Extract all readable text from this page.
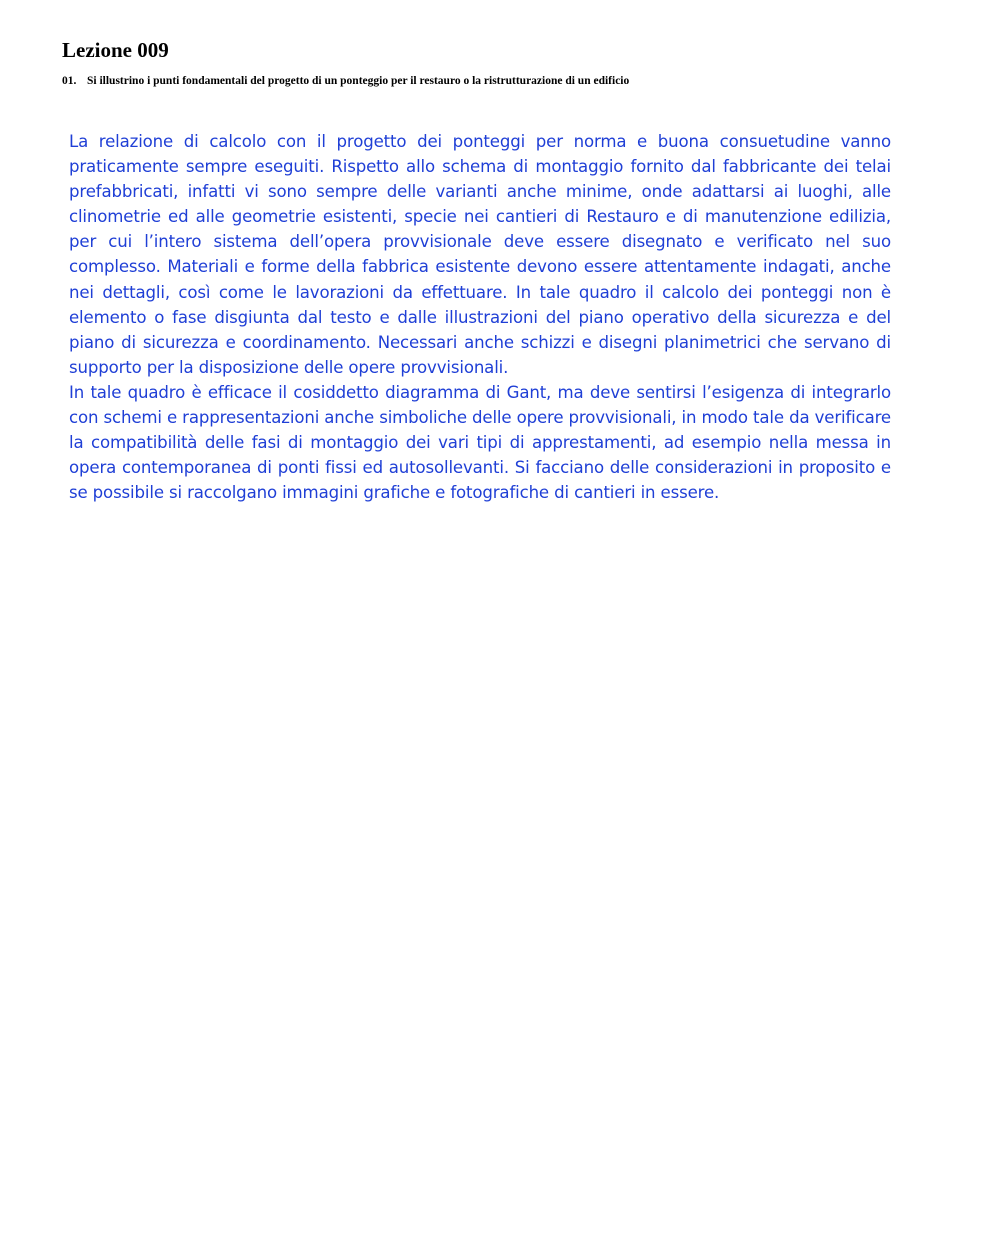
Lezione 009

01. Si illustrino i punti fondamentali del progetto di un ponteggio per il restauro o la ristrutturazione di un edificio

La relazione di calcolo con il progetto dei ponteggi per norma e buona consuetudine vanno praticamente sempre eseguiti. Rispetto allo schema di montaggio fornito dal fabbricante dei telai prefabbricati, infatti vi sono sempre delle varianti anche minime, onde adattarsi ai luoghi, alle clinometrie ed alle geometrie esistenti, specie nei cantieri di Restauro e di manutenzione edilizia, per cui l’intero sistema dell’opera provvisionale deve essere disegnato e verificato nel suo complesso. Materiali e forme della fabbrica esistente devono essere attentamente indagati, anche nei dettagli, così come le lavorazioni da effettuare. In tale quadro il calcolo dei ponteggi non è elemento o fase disgiunta dal testo e dalle illustrazioni del piano operativo della sicurezza e del piano di sicurezza e coordinamento. Necessari anche schizzi e disegni planimetrici che servano di supporto per la disposizione delle opere provvisionali.

In tale quadro è efficace il cosiddetto diagramma di Gant, ma deve sentirsi l’esigenza di integrarlo con schemi e rappresentazioni anche simboliche delle opere provvisionali, in modo tale da verificare la compatibilità delle fasi di montaggio dei vari tipi di apprestamenti, ad esempio nella messa in opera contemporanea di ponti fissi ed autosollevanti. Si facciano delle considerazioni in proposito e se possibile si raccolgano immagini grafiche e fotografiche di cantieri in essere.
